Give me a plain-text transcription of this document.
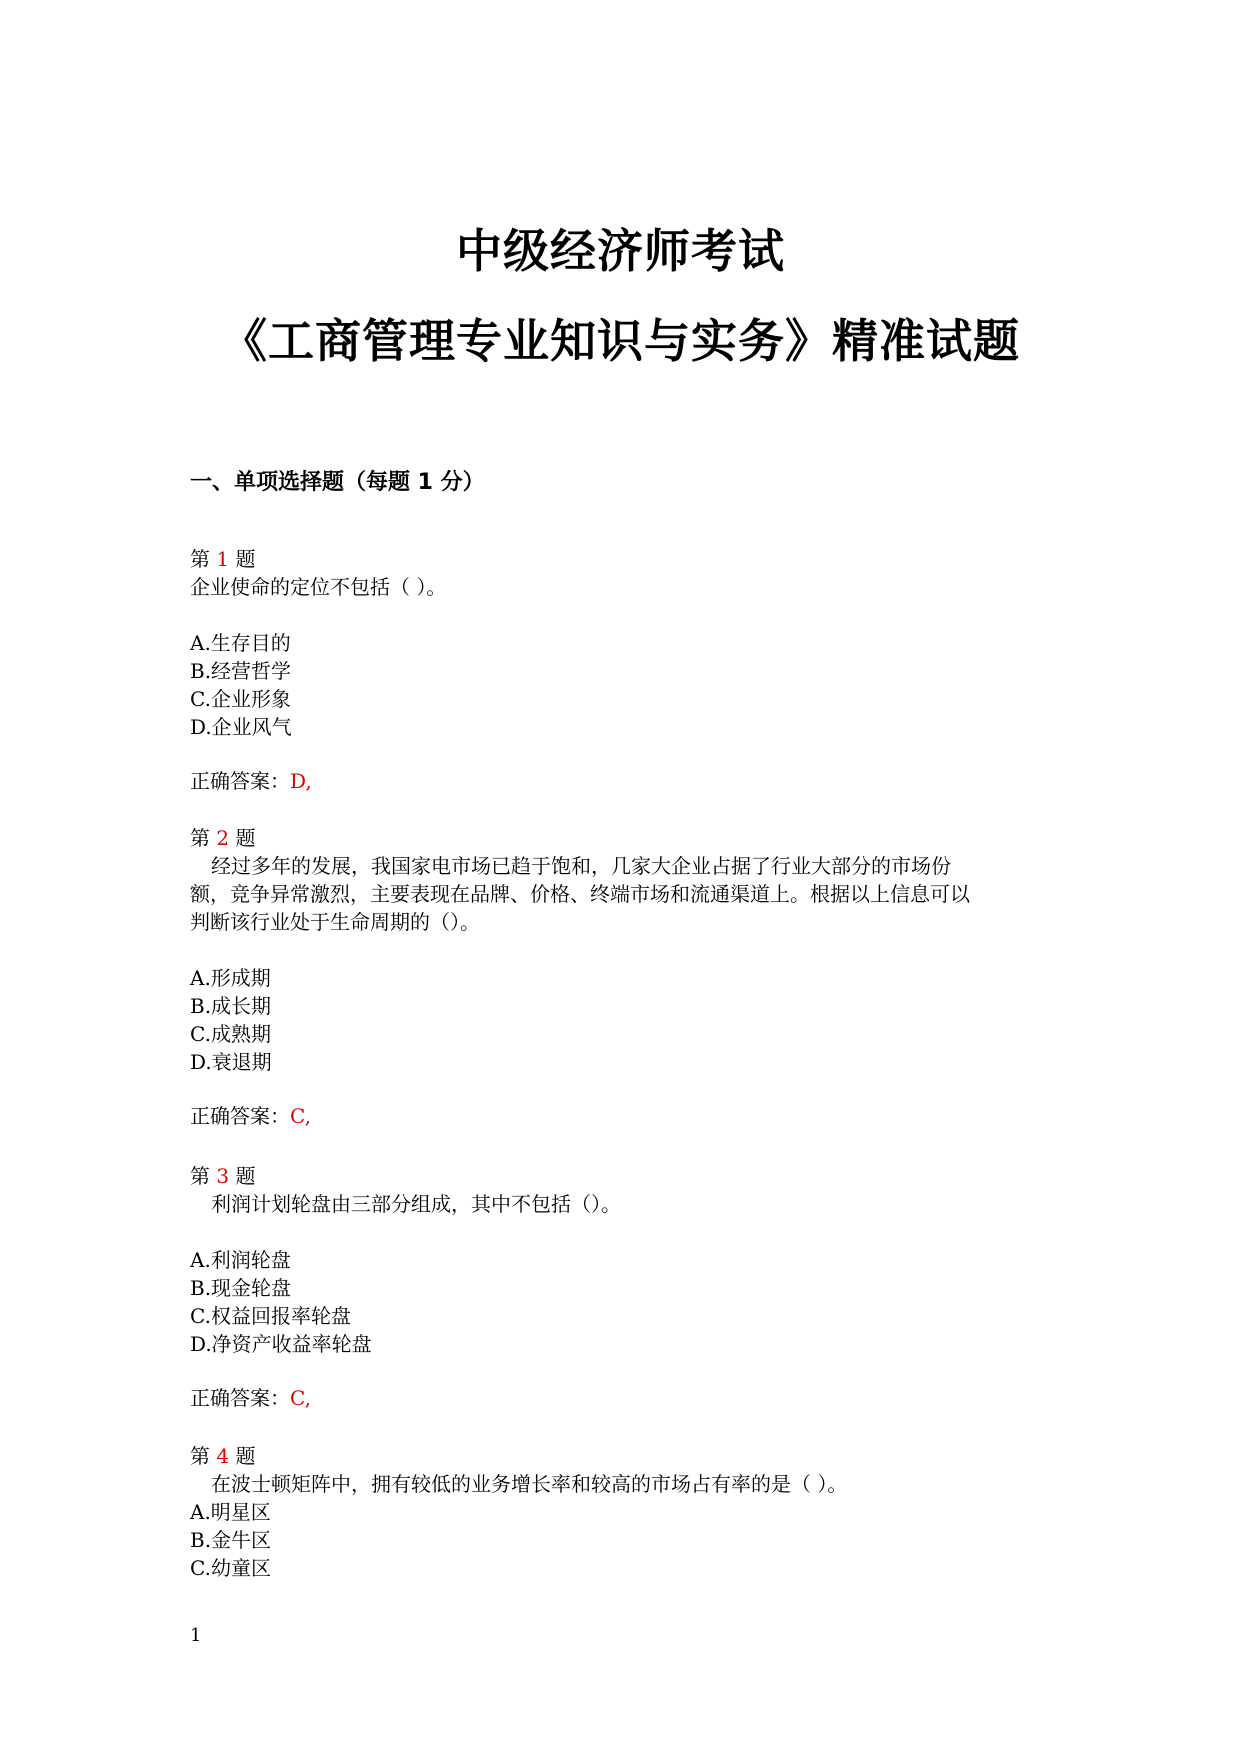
中级经济师考试
《工商管理专业知识与实务》精准试题
一、单项选择题（每题 1 分）
第 1 题
企业使命的定位不包括（ ）。
A.生存目的
B.经营哲学
C.企业形象
D.企业风气
正确答案：D,
第 2 题
经过多年的发展，我国家电市场已趋于饱和，几家大企业占据了行业大部分的市场份
额，竞争异常激烈，主要表现在品牌、价格、终端市场和流通渠道上。根据以上信息可以
判断该行业处于生命周期的（）。
A.形成期
B.成长期
C.成熟期
D.衰退期
正确答案：C,
第 3 题
利润计划轮盘由三部分组成，其中不包括（）。
A.利润轮盘
B.现金轮盘
C.权益回报率轮盘
D.净资产收益率轮盘
正确答案：C,
第 4 题
在波士顿矩阵中，拥有较低的业务增长率和较高的市场占有率的是（ ）。
A.明星区
B.金牛区
C.幼童区
1
